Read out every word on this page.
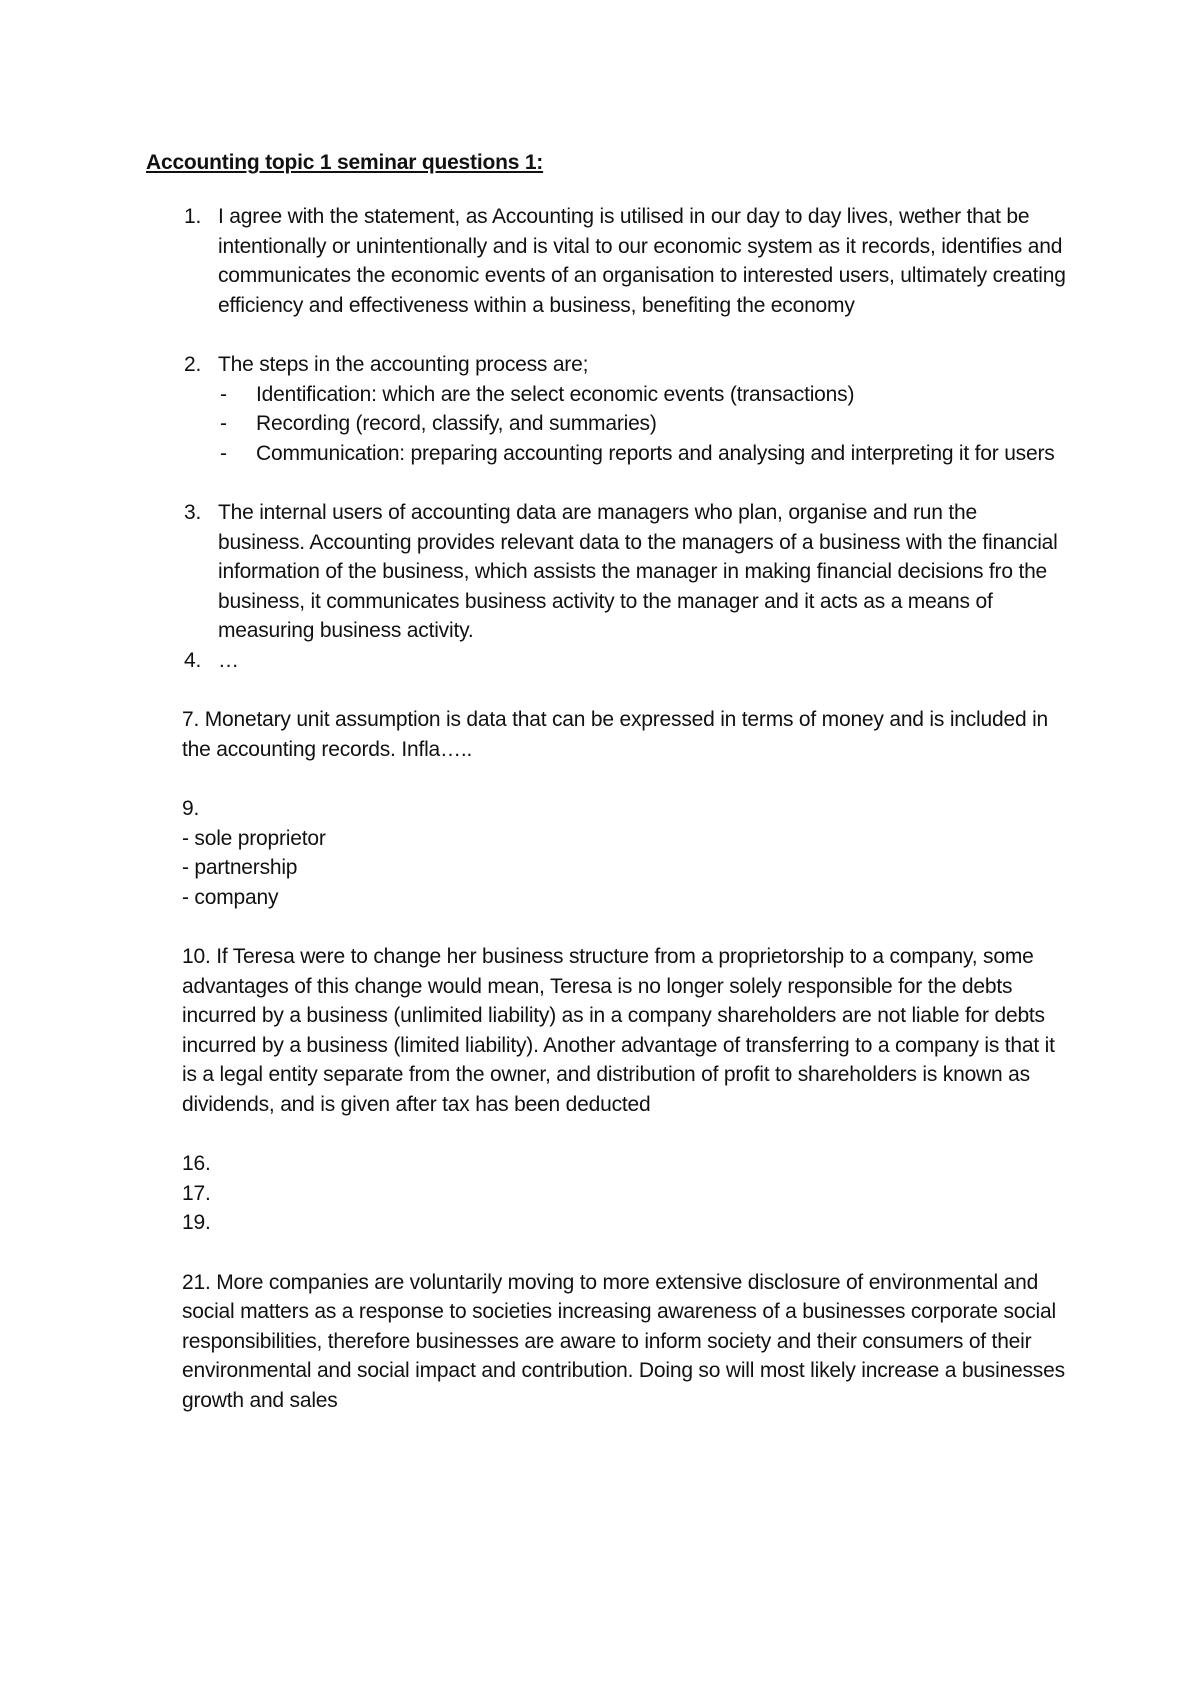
Accounting topic 1 seminar questions 1:
1. I agree with the statement, as Accounting is utilised in our day to day lives, wether that be intentionally or unintentionally and is vital to our economic system as it records, identifies and communicates the economic events of an organisation to interested users, ultimately creating efficiency and effectiveness within a business, benefiting the economy
2. The steps in the accounting process are;
- Identification: which are the select economic events (transactions)
- Recording (record, classify, and summaries)
- Communication: preparing accounting reports and analysing and interpreting it for users
3. The internal users of accounting data are managers who plan, organise and run the business. Accounting provides relevant data to the managers of a business with the financial information of the business, which assists the manager in making financial decisions fro the business, it communicates business activity to the manager and it acts as a means of measuring business activity.
4. …
7. Monetary unit assumption is data that can be expressed in terms of money and is included in the accounting records. Infla…..
9.
- sole proprietor
- partnership
- company
10. If Teresa were to change her business structure from a proprietorship to a company, some advantages of this change would mean, Teresa is no longer solely responsible for the debts incurred by a business (unlimited liability) as in a company shareholders are not liable for debts incurred by a business (limited liability). Another advantage of transferring to a company is that it is a legal entity separate from the owner, and distribution of profit to shareholders is known as dividends, and is given after tax has been deducted
16.
17.
19.
21. More companies are voluntarily moving to more extensive disclosure of environmental and social matters as a response to societies increasing awareness of a businesses corporate social responsibilities, therefore businesses are aware to inform society and their consumers of their environmental and social impact and contribution. Doing so will most likely increase a businesses growth and sales
